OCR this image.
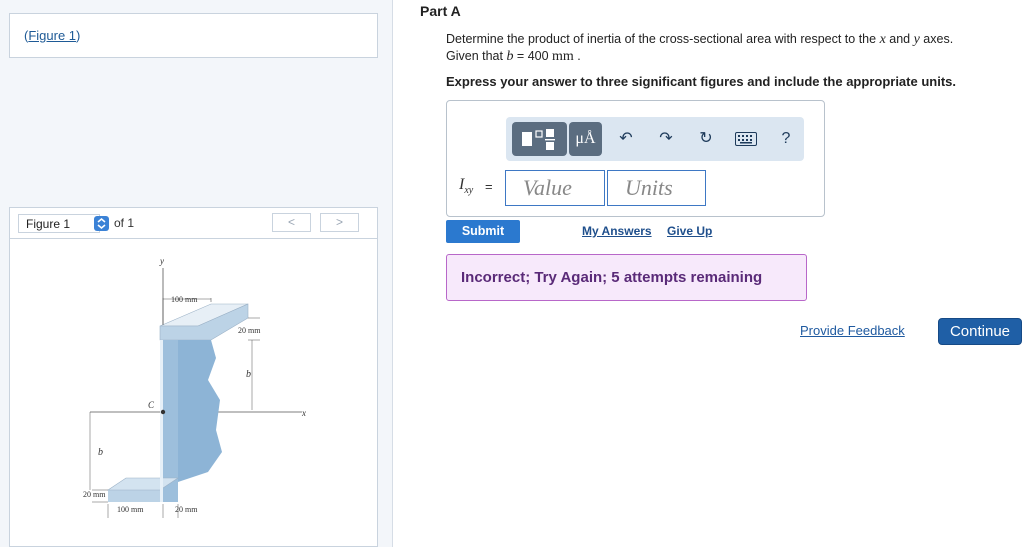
(Figure 1)
Figure 1	of 1	<	>
y
x
C
100 mm
20 mm
b
b
20 mm
100 mm	20 mm
Part A
Determine the product of inertia of the cross-sectional area with respect to the x and y axes.
Given that b = 400 mm .
Express your answer to three significant figures and include the appropriate units.
μÅ	↶ ↷ ↻	?
$I_{xy}$ =	Value	Units
Submit	My Answers Give Up
Incorrect; Try Again; 5 attempts remaining
Provide Feedback	Continue
